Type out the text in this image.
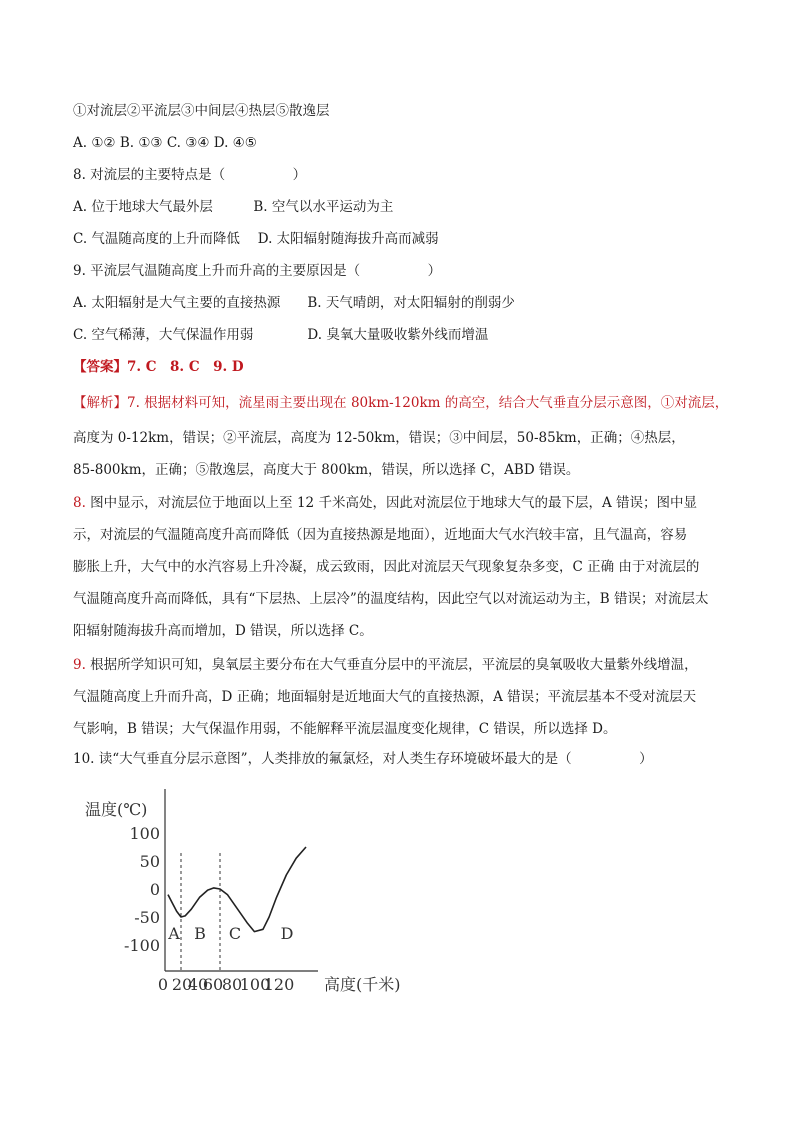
①对流层②平流层③中间层④热层⑤散逸层
A. ①② B. ①③ C. ③④ D. ④⑤
8. 对流层的主要特点是（　　　　　）
A. 位于地球大气最外层　　　B. 空气以水平运动为主
C. 气温随高度的上升而降低　 D. 太阳辐射随海拔升高而减弱
9. 平流层气温随高度上升而升高的主要原因是（　　　　　）
A. 太阳辐射是大气主要的直接热源　　B. 天气晴朗，对太阳辐射的削弱少
C. 空气稀薄，大气保温作用弱　　　　D. 臭氧大量吸收紫外线而增温
【答案】7. C　8. C　9. D
【解析】7. 根据材料可知，流星雨主要出现在 80km-120km 的高空，结合大气垂直分层示意图，①对流层，
高度为 0-12km，错误；②平流层，高度为 12-50km，错误；③中间层，50-85km，正确；④热层，
85-800km，正确；⑤散逸层，高度大于 800km，错误，所以选择 C，ABD 错误。
8. 图中显示，对流层位于地面以上至 12 千米高处，因此对流层位于地球大气的最下层，A 错误；图中显
示，对流层的气温随高度升高而降低（因为直接热源是地面），近地面大气水汽较丰富，且气温高，容易
膨胀上升，大气中的水汽容易上升冷凝，成云致雨，因此对流层天气现象复杂多变，C 正确 由于对流层的
气温随高度升高而降低，具有“下层热、上层冷”的温度结构，因此空气以对流运动为主，B 错误；对流层太
阳辐射随海拔升高而增加，D 错误，所以选择 C。
9. 根据所学知识可知，臭氧层主要分布在大气垂直分层中的平流层，平流层的臭氧吸收大量紫外线增温，
气温随高度上升而升高，D 正确；地面辐射是近地面大气的直接热源，A 错误；平流层基本不受对流层天
气影响，B 错误；大气保温作用弱，不能解释平流层温度变化规律，C 错误，所以选择 D。
10. 读“大气垂直分层示意图”，人类排放的氟氯烃，对人类生存环境破坏最大的是（　　　　　）
温度(℃)
100
50
0
-50
-100
0 20
40
60
80
100
120 高度(千米)
A B C D
